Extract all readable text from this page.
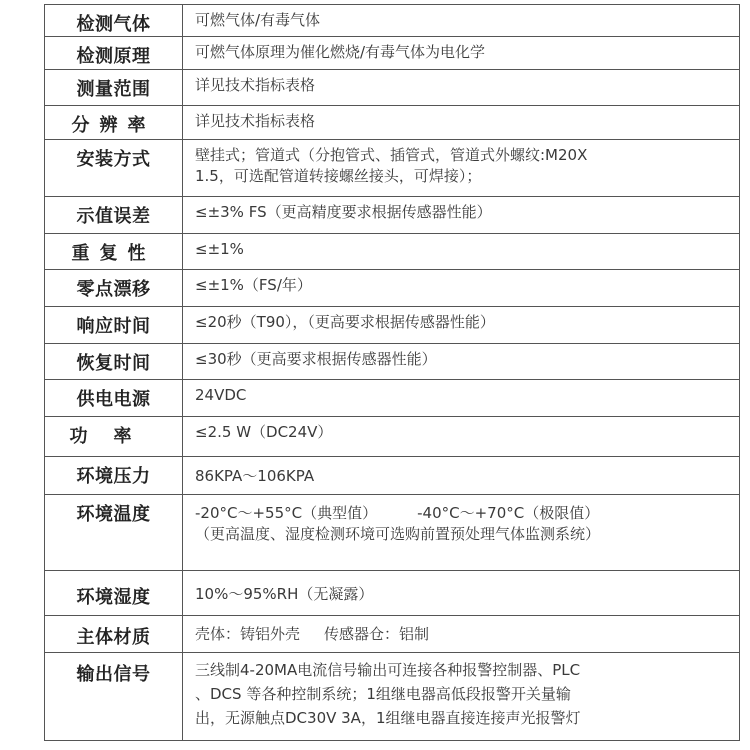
检测气体	可燃气体/有毒气体

检测原理	可燃气体原理为催化燃烧/有毒气体为电化学

测量范围	详见技术指标表格

分辨率	详见技术指标表格

安装方式	壁挂式；管道式（分抱管式、插管式，管道式外螺纹:M20X
1.5，可选配管道转接螺丝接头，可焊接）；

示值误差	≤±3% FS（更高精度要求根据传感器性能）

重复性	≤±1%

零点漂移	≤±1%（FS/年）

响应时间	≤20秒（T90），（更高要求根据传感器性能）

恢复时间	≤30秒（更高要求根据传感器性能）

供电电源	24VDC

功率	≤2.5 W（DC24V）

环境压力	86KPA～106KPA

环境温度	-20°C～+55°C（典型值） -40°C～+70°C（极限值）
（更高温度、湿度检测环境可选购前置预处理气体监测系统）

环境湿度	10%～95%RH（无凝露）

主体材质	壳体：铸铝外壳 传感器仓：铝制

输出信号	三线制4-20MA电流信号输出可连接各种报警控制器、PLC
、DCS 等各种控制系统；1组继电器高低段报警开关量输
出，无源触点DC30V 3A，1组继电器直接连接声光报警灯
